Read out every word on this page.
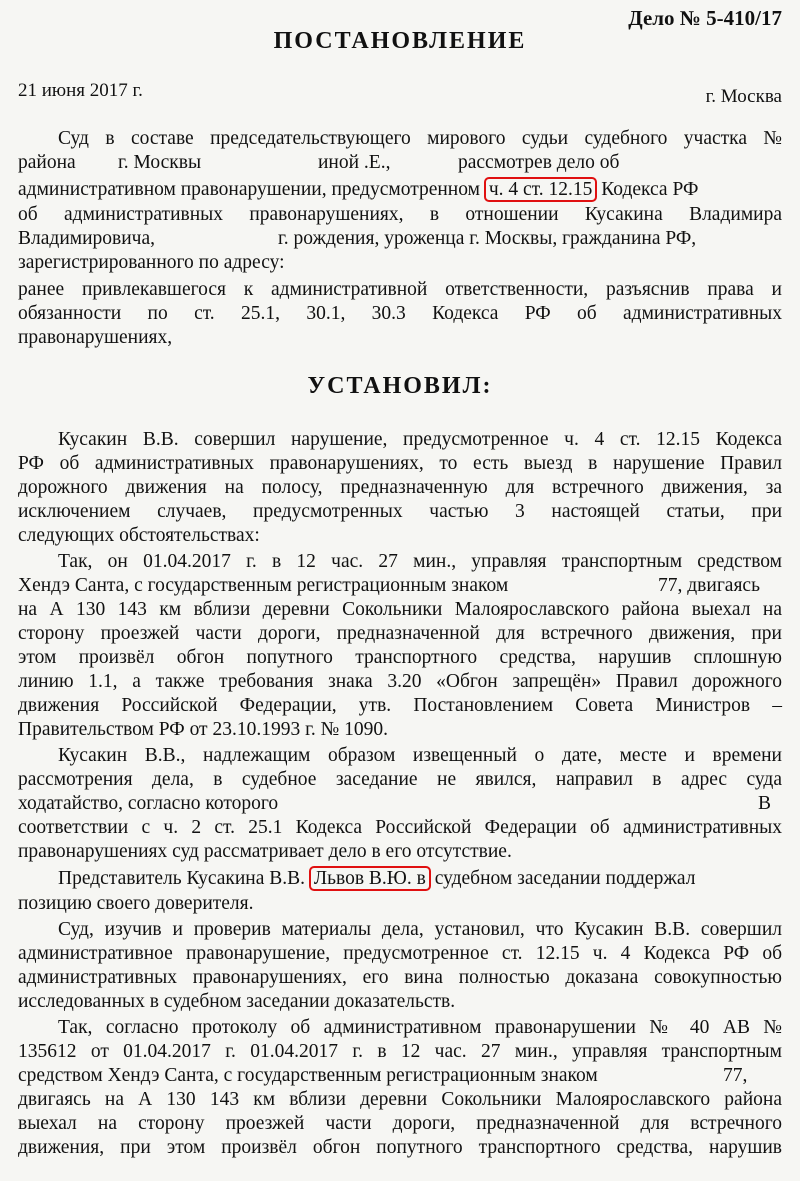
Дело № 5-410/17
ПОСТАНОВЛЕНИЕ
21 июня 2017 г.	г. Москва
Суд в составе председательствующего мирового судьи судебного участка №
района г. Москвы	иной .Е.,	рассмотрев дело об
административном правонарушении, предусмотренном ч. 4 ст. 12.15 Кодекса РФ
об административных правонарушениях, в отношении Кусакина Владимира
Владимировича,	г. рождения, уроженца г. Москвы, гражданина РФ,
зарегистрированного по адресу:
ранее привлекавшегося к административной ответственности, разъяснив права и
обязанности по ст. 25.1, 30.1, 30.3 Кодекса РФ об административных
правонарушениях,
УСТАНОВИЛ:
Кусакин В.В. совершил нарушение, предусмотренное ч. 4 ст. 12.15 Кодекса
РФ об административных правонарушениях, то есть выезд в нарушение Правил
дорожного движения на полосу, предназначенную для встречного движения, за
исключением случаев, предусмотренных частью 3 настоящей статьи, при
следующих обстоятельствах:
Так, он 01.04.2017 г. в 12 час. 27 мин., управляя транспортным средством
Хендэ Санта, с государственным регистрационным знаком	77, двигаясь
на А 130 143 км вблизи деревни Сокольники Малоярославского района выехал на
сторону проезжей части дороги, предназначенной для встречного движения, при
этом произвёл обгон попутного транспортного средства, нарушив сплошную
линию 1.1, а также требования знака 3.20 «Обгон запрещён» Правил дорожного
движения Российской Федерации, утв. Постановлением Совета Министров –
Правительством РФ от 23.10.1993 г. № 1090.
Кусакин В.В., надлежащим образом извещенный о дате, месте и времени
рассмотрения дела, в судебное заседание не явился, направил в адрес суда
ходатайство, согласно которого	В
соответствии с ч. 2 ст. 25.1 Кодекса Российской Федерации об административных
правонарушениях суд рассматривает дело в его отсутствие.
Представитель Кусакина В.В. Львов В.Ю. в судебном заседании поддержал
позицию своего доверителя.
Суд, изучив и проверив материалы дела, установил, что Кусакин В.В. совершил
административное правонарушение, предусмотренное ст. 12.15 ч. 4 Кодекса РФ об
административных правонарушениях, его вина полностью доказана совокупностью
исследованных в судебном заседании доказательств.
Так, согласно протоколу об административном правонарушении № 40 АВ №
135612 от 01.04.2017 г. 01.04.2017 г. в 12 час. 27 мин., управляя транспортным
средством Хендэ Санта, с государственным регистрационным знаком	77,
двигаясь на А 130 143 км вблизи деревни Сокольники Малоярославского района
выехал на сторону проезжей части дороги, предназначенной для встречного
движения, при этом произвёл обгон попутного транспортного средства, нарушив
